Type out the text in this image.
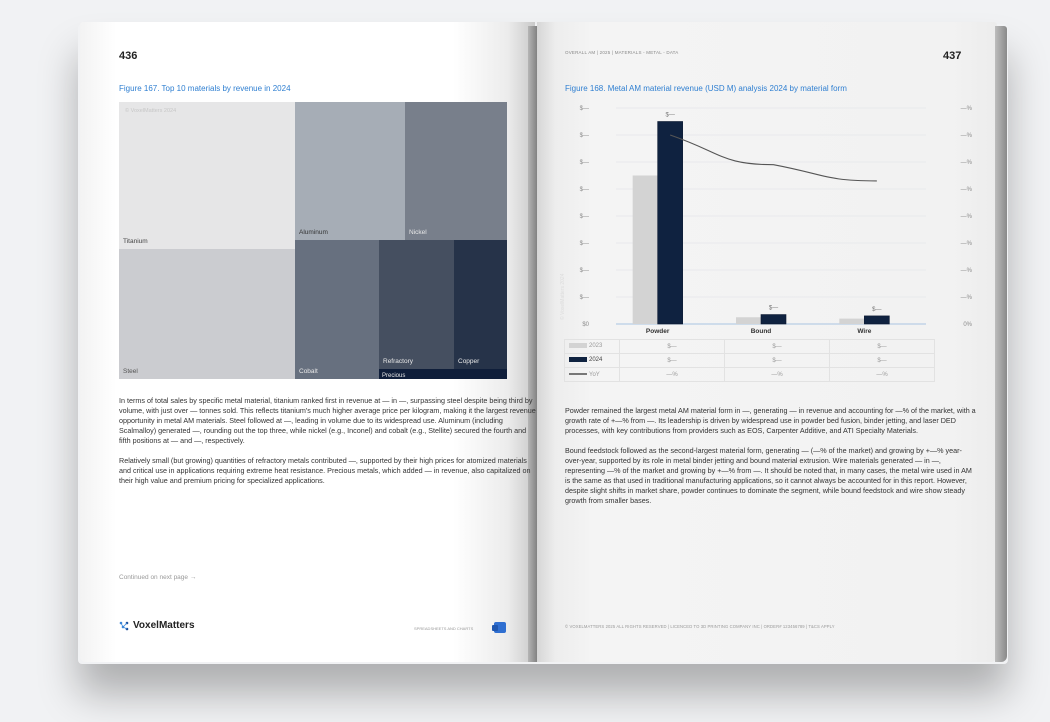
436
Figure 167. Top 10 materials by revenue in 2024
© VoxelMatters 2024
Titanium
Aluminum	Nickel
Steel	Cobalt
Refractory	Copper
Precious

In terms of total sales by specific metal material, titanium ranked first in revenue at — in —, surpassing steel despite being third by volume, with just over — tonnes sold. This reflects titanium's much higher average price per kilogram, making it the largest revenue opportunity in metal AM materials. Steel followed at —, leading in volume due to its widespread use. Aluminum (including Scalmalloy) generated —, rounding out the top three, while nickel (e.g., Inconel) and cobalt (e.g., Stellite) secured the fourth and fifth positions at — and —, respectively.

Relatively small (but growing) quantities of refractory metals contributed —, supported by their high prices for atomized materials and critical use in applications requiring extreme heat resistance. Precious metals, which added — in revenue, also capitalized on their high value and premium pricing for specialized applications.

Continued on next page →
VoxelMatters	SPREADSHEETS AND CHARTS
OVERALL AM | 2025 | MATERIALS - METAL - DATA	437
Figure 168. Metal AM material revenue (USD M) analysis 2024 by material form
$0	0%
$—	—%
$—	—%
$—	—%
$—	—%
$—	—%
$—	—%
$—	—%
$—	—%
$—
Powder
$—
Bound
$—
Wire
© VoxelMatters 2024
2023	$—	$—	$—
2024	$—	$—	$—
YoY	—%	—%	—%

Powder remained the largest metal AM material form in —, generating — in revenue and accounting for —% of the market, with a growth rate of +—% from —. Its leadership is driven by widespread use in powder bed fusion, binder jetting, and laser DED processes, with key contributions from providers such as EOS, Carpenter Additive, and ATI Specialty Materials.

Bound feedstock followed as the second-largest material form, generating — (—% of the market) and growing by +—% year-over-year, supported by its role in metal binder jetting and bound material extrusion. Wire materials generated — in —, representing —% of the market and growing by +—% from —. It should be noted that, in many cases, the metal wire used in AM is the same as that used in traditional manufacturing applications, so it cannot always be accounted for in this report. However, despite slight shifts in market share, powder continues to dominate the segment, while bound feedstock and wire show steady growth from smaller bases.

© VOXELMATTERS 2025 ALL RIGHTS RESERVED | LICENCED TO 3D PRINTING COMPANY INC | ORDER# 123456789 | T&CS APPLY
